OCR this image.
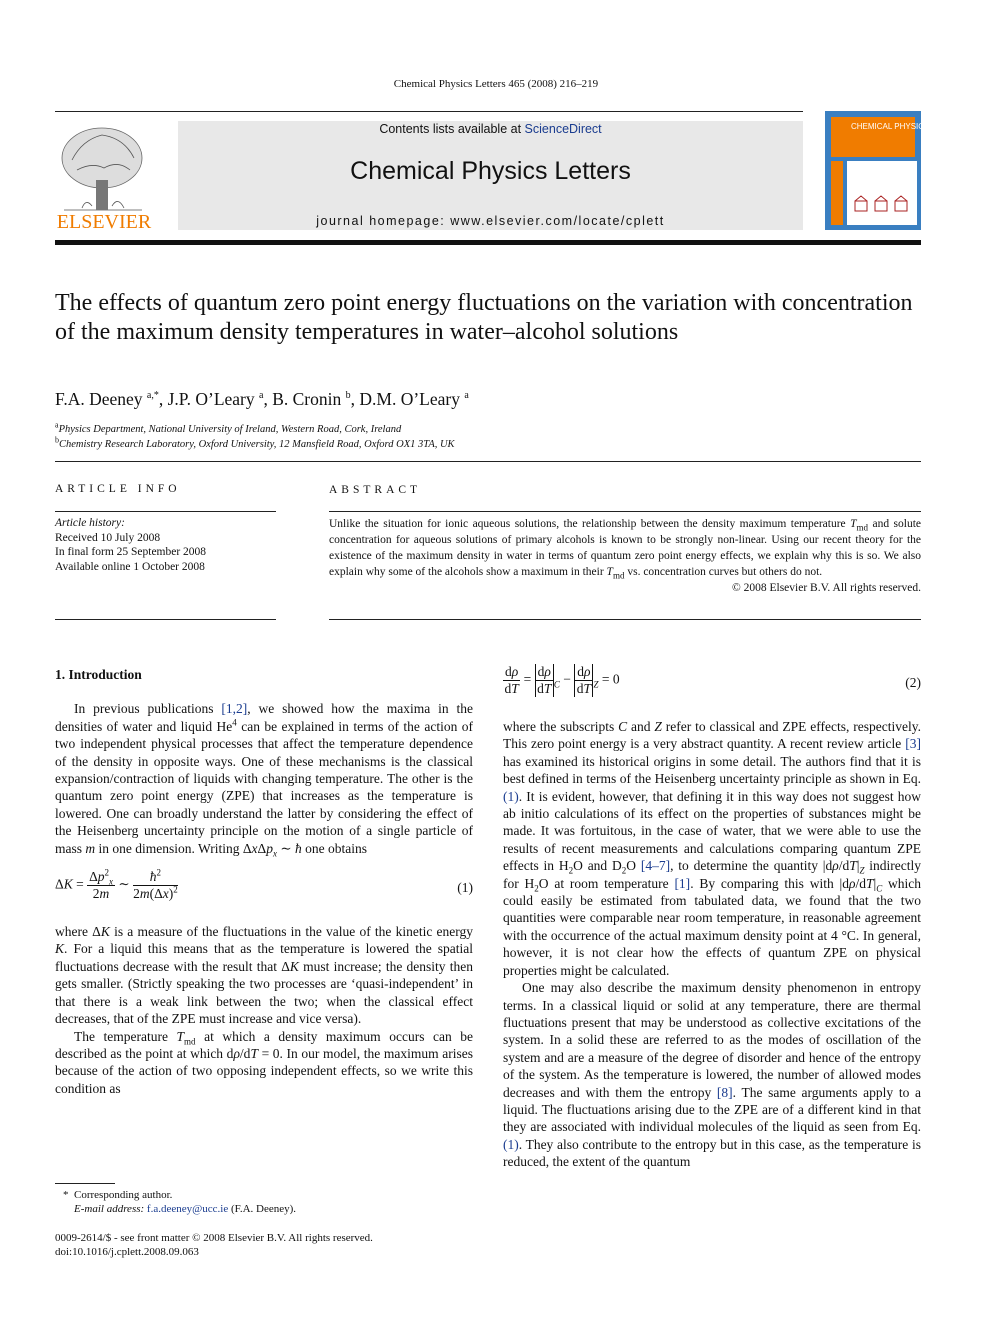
Chemical Physics Letters 465 (2008) 216–219
ELSEVIER
Contents lists available at ScienceDirect
Chemical Physics Letters
journal homepage: www.elsevier.com/locate/cplett
CHEMICAL PHYSICS LETTERS
The effects of quantum zero point energy fluctuations on the variation with concentration of the maximum density temperatures in water–alcohol solutions
F.A. Deeney $^{a,*}$, J.P. O’Leary $^a$, B. Cronin $^b$, D.M. O’Leary $^a$
$^a$Physics Department, National University of Ireland, Western Road, Cork, Ireland
$^b$Chemistry Research Laboratory, Oxford University, 12 Mansfield Road, Oxford OX1 3TA, UK
ARTICLE INFO	ABSTRACT
Article history:
Received 10 July 2008
In final form 25 September 2008
Available online 1 October 2008
Unlike the situation for ionic aqueous solutions, the relationship between the density maximum temperature $T_{md}$ and solute concentration for aqueous solutions of primary alcohols is known to be strongly non-linear. Using our recent theory for the existence of the maximum density in water in terms of quantum zero point energy effects, we explain why this is so. We also explain why some of the alcohols show a maximum in their $T_{md}$ vs. concentration curves but others do not.
© 2008 Elsevier B.V. All rights reserved.

1. Introduction

In previous publications [1,2], we showed how the maxima in the densities of water and liquid He$^4$ can be explained in terms of the action of two independent physical processes that affect the temperature dependence of the density in opposite ways. One of these mechanisms is the classical expansion/contraction of liquids with changing temperature. The other is the quantum zero point energy (ZPE) that increases as the temperature is lowered. One can broadly understand the latter by considering the effect of the Heisenberg uncertainty principle on the motion of a single particle of mass m in one dimension. Writing ΔxΔp$_x$ ∼ ħ one obtains

$\Delta K = \frac{\Delta p^2_x}{2m}$ ∼ $\frac{ħ^2}{2m(\Delta x)^2}$	(1)

where ΔK is a measure of the fluctuations in the value of the kinetic energy K. For a liquid this means that as the temperature is lowered the spatial fluctuations decrease with the result that ΔK must increase; the density then gets smaller. (Strictly speaking the two processes are ‘quasi-independent’ in that there is a weak link between the two; when the classical effect decreases, that of the ZPE must increase and vice versa).

The temperature $T_{md}$ at which a density maximum occurs can be described as the point at which dρ/dT = 0. In our model, the maximum arises because of the action of two opposing independent effects, so we write this condition as

$\frac{d\rho}{dT} = \frac{d\rho}{dT} _C - \frac{d\rho}{dT} _Z = 0$	(2)

where the subscripts C and Z refer to classical and ZPE effects, respectively. This zero point energy is a very abstract quantity. A recent review article [3] has examined its historical origins in some detail. The authors find that it is best defined in terms of the Heisenberg uncertainty principle as shown in Eq. (1). It is evident, however, that defining it in this way does not suggest how ab initio calculations of its effect on the properties of substances might be made. It was fortuitous, in the case of water, that we were able to use the results of recent measurements and calculations comparing quantum ZPE effects in $H_2O$ and $D_2O$ [4–7], to determine the quantity $|d\rho/dT|_Z$ indirectly for $H_2O$ at room temperature [1]. By comparing this with $|d\rho/dT|_C$ which could easily be estimated from tabulated data, we found that the two quantities were comparable near room temperature, in reasonable agreement with the occurrence of the actual maximum density point at 4 °C. In general, however, it is not clear how the effects of quantum ZPE on physical properties might be calculated.

One may also describe the maximum density phenomenon in entropy terms. In a classical liquid or solid at any temperature, there are thermal fluctuations present that may be understood as collective excitations of the system. In a solid these are referred to as the modes of oscillation of the system and are a measure of the degree of disorder and hence of the entropy of the system. As the temperature is lowered, the number of allowed modes decreases and with them the entropy [8]. The same arguments apply to a liquid. The fluctuations arising due to the ZPE are of a different kind in that they are associated with individual molecules of the liquid as seen from Eq. (1). They also contribute to the entropy but in this case, as the temperature is reduced, the extent of the quantum

*  Corresponding author.
E-mail address: f.a.deeney@ucc.ie (F.A. Deeney).
0009-2614/$ - see front matter © 2008 Elsevier B.V. All rights reserved.
doi:10.1016/j.cplett.2008.09.063
